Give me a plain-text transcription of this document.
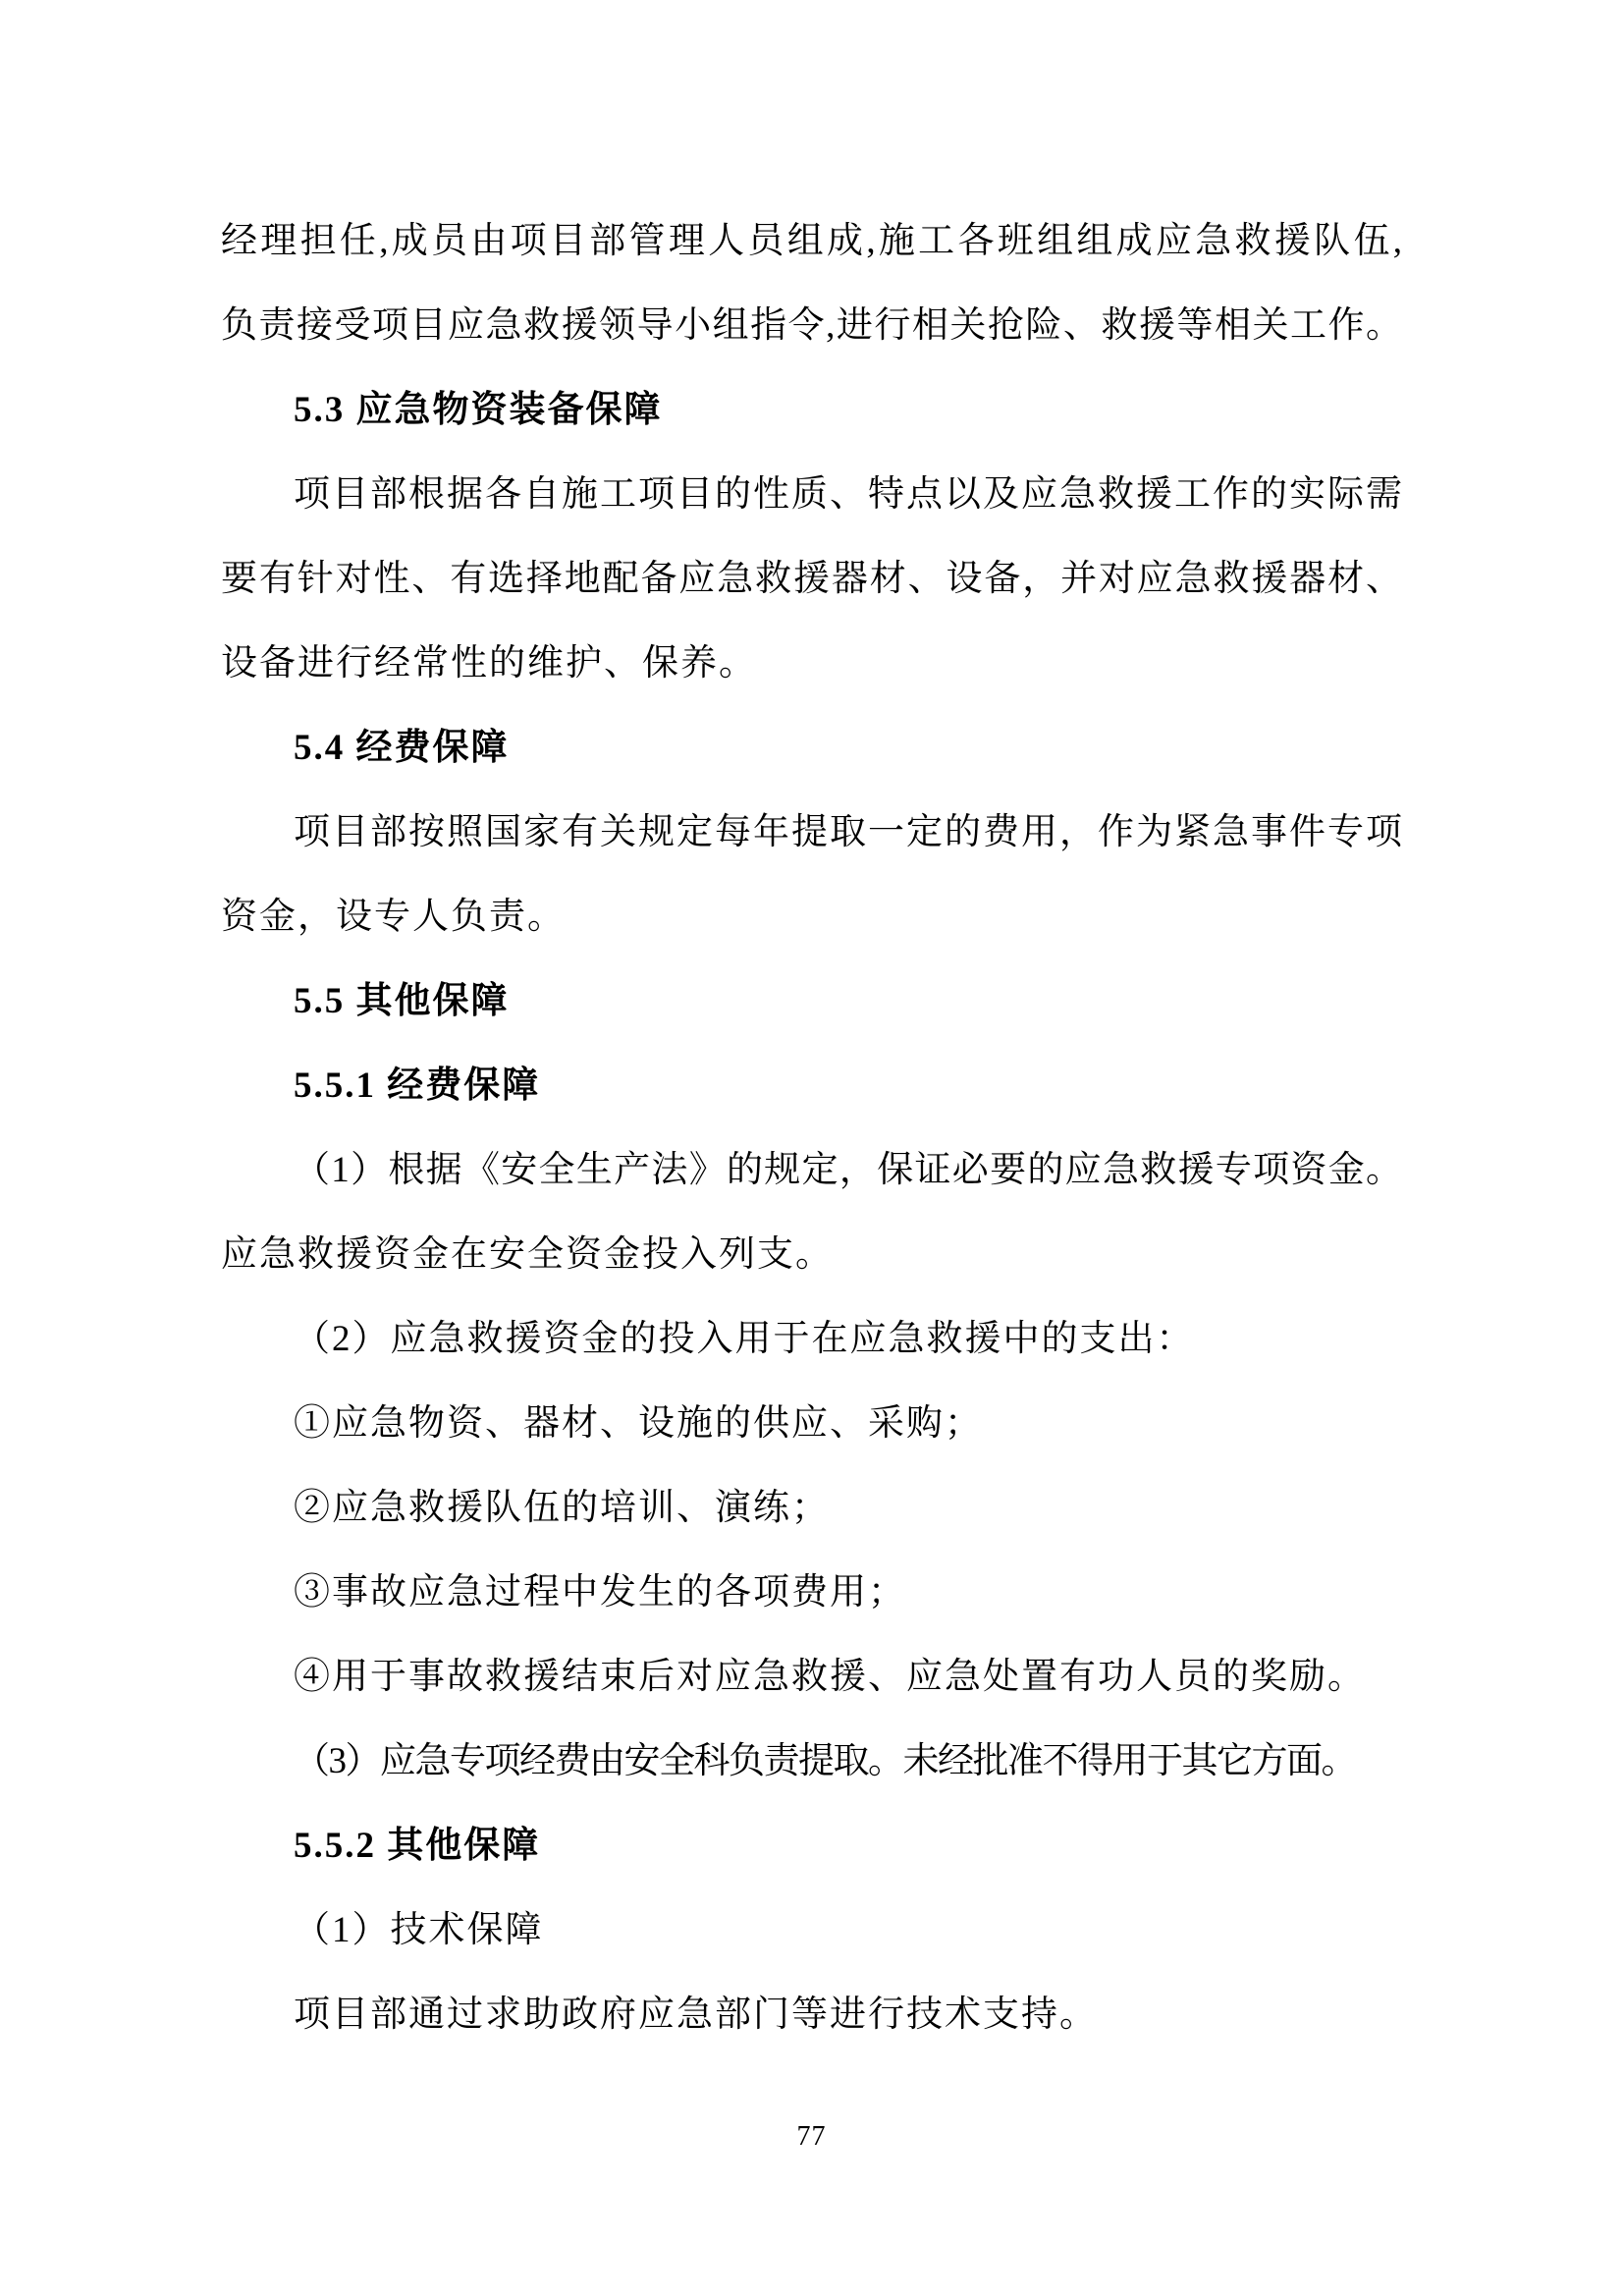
经理担任,成员由项目部管理人员组成,施工各班组组成应急救援队伍,
负责接受项目应急救援领导小组指令,进行相关抢险、救援等相关工作。
5.3 应急物资装备保障
项目部根据各自施工项目的性质、特点以及应急救援工作的实际需
要有针对性、有选择地配备应急救援器材、设备，并对应急救援器材、
设备进行经常性的维护、保养。
5.4 经费保障
项目部按照国家有关规定每年提取一定的费用，作为紧急事件专项
资金，设专人负责。
5.5 其他保障
5.5.1 经费保障
（1）根据《安全生产法》的规定，保证必要的应急救援专项资金。
应急救援资金在安全资金投入列支。
（2）应急救援资金的投入用于在应急救援中的支出：
①应急物资、器材、设施的供应、采购；
②应急救援队伍的培训、演练；
③事故应急过程中发生的各项费用；
④用于事故救援结束后对应急救援、应急处置有功人员的奖励。
（3）应急专项经费由安全科负责提取。未经批准不得用于其它方面。
5.5.2 其他保障
（1）技术保障
项目部通过求助政府应急部门等进行技术支持。
77
